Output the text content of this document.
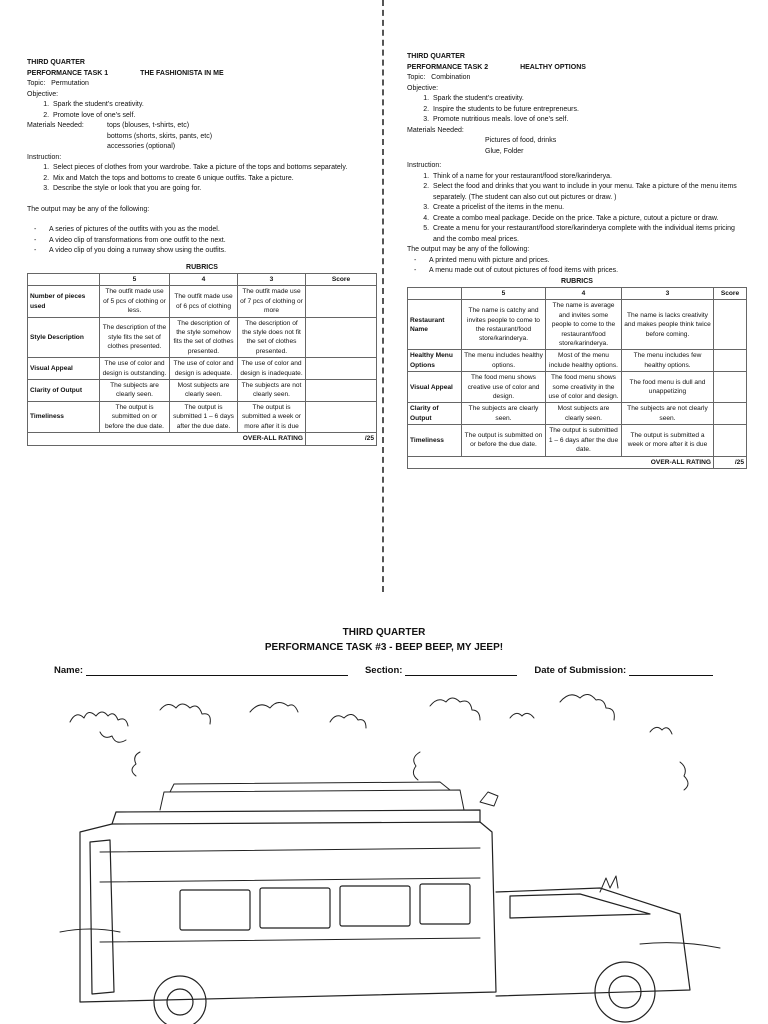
THIRD QUARTER
PERFORMANCE TASK 1	THE FASHIONISTA IN ME
Topic: Permutation
Objective:
1. Spark the student’s creativity.
2. Promote love of one’s self.
Materials Needed:	tops (blouses, t-shirts, etc)
bottoms (shorts, skirts, pants, etc)
accessories (optional)
Instruction:
1. Select pieces of clothes from your wardrobe. Take a picture of the tops and bottoms separately.
2. Mix and Match the tops and bottoms to create 6 unique outfits. Take a picture.
3. Describe the style or look that you are going for.
The output may be any of the following:
- A series of pictures of the outfits with you as the model.
- A video clip of transformations from one outfit to the next.
- A video clip of you doing a runway show using the outfits.
RUBRICS
	5	4	3	Score
Number of pieces used	The outfit made use of 5 pcs of clothing or less.	The outfit made use of 6 pcs of clothing	The outfit made use of 7 pcs of clothing or more	
Style Description	The description of the style fits the set of clothes presented.	The description of the style somehow fits the set of clothes presented.	The description of the style does not fit the set of clothes presented.	
Visual Appeal	The use of color and design is outstanding.	The use of color and design is adequate.	The use of color and design is inadequate.	
Clarity of Output	The subjects are clearly seen.	Most subjects are clearly seen.	The subjects are not clearly seen.	
Timeliness	The output is submitted on or before the due date.	The output is submitted 1 – 6 days after the due date.	The output is submitted a week or more after it is due	
OVER-ALL RATING				/25
THIRD QUARTER
PERFORMANCE TASK 2	HEALTHY OPTIONS
Topic: Combination
Objective:
1. Spark the student’s creativity.
2. Inspire the students to be future entrepreneurs.
3. Promote nutritious meals. love of one’s self.
Materials Needed:
Pictures of food, drinks
Glue, Folder
Instruction:
1. Think of a name for your restaurant/food store/karinderya.
2. Select the food and drinks that you want to include in your menu. Take a picture of the menu items separately. (The student can also cut out pictures or draw. )
3. Create a pricelist of the items in the menu.
4. Create a combo meal package. Decide on the price. Take a picture, cutout a picture or draw.
5. Create a menu for your restaurant/food store/karinderya complete with the individual items pricing and the combo meal prices.
The output may be any of the following:
- A printed menu with picture and prices.
- A menu made out of cutout pictures of food items with prices.
RUBRICS
	5	4	3	Score
Restaurant Name	The name is catchy and invites people to come to the restaurant/food store/karinderya.	The name is average and invites some people to come to the restaurant/food store/karinderya.	The name is lacks creativity and makes people think twice before coming.	
Healthy Menu Options	The menu includes healthy options.	Most of the menu include healthy options.	The menu includes few healthy options.	
Visual Appeal	The food menu shows creative use of color and design.	The food menu shows some creativity in the use of color and design.	The food menu is dull and unappetizing	
Clarity of Output	The subjects are clearly seen.	Most subjects are clearly seen.	The subjects are not clearly seen.	
Timeliness	The output is submitted on or before the due date.	The output is submitted 1 – 6 days after the due date.	The output is submitted a week or more after it is due	
OVER-ALL RATING				/25
THIRD QUARTER
PERFORMANCE TASK #3 - BEEP BEEP, MY JEEP!
Name:	Section:	Date of Submission:
